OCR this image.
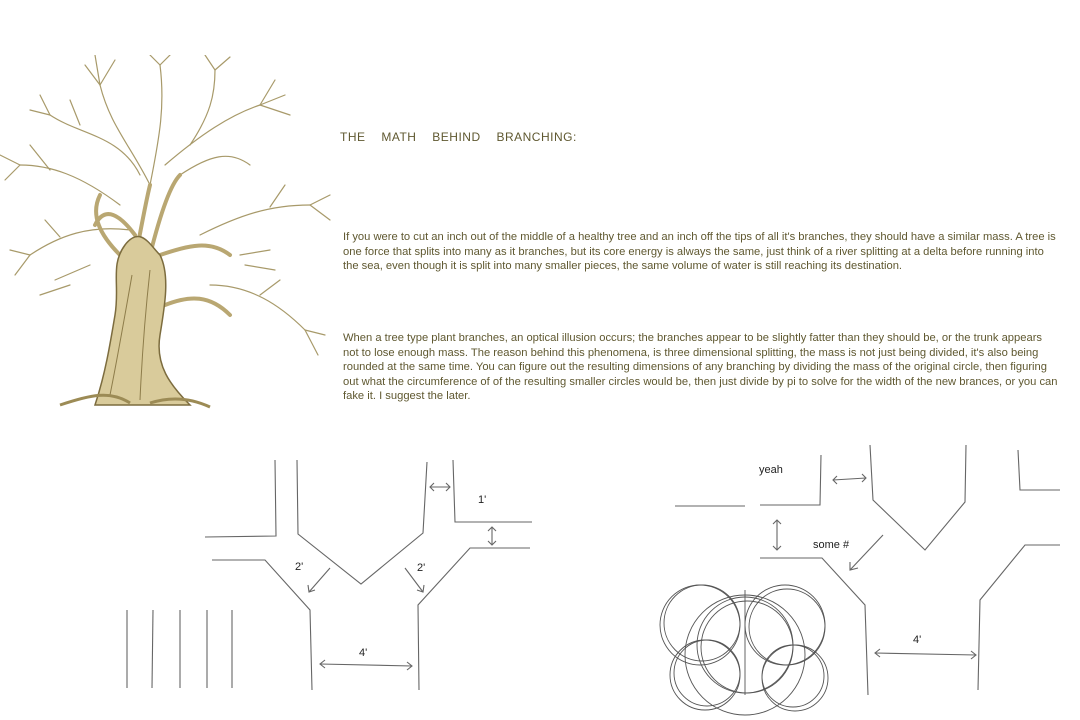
THE MATH BEHIND BRANCHING:
If you were to cut an inch out of the middle of a healthy tree and an inch off the tips of all it's branches, they should have a similar mass. A tree is one force that splits into many as it branches, but its core energy is always the same, just think of a river splitting at a delta before running into the sea, even though it is split into many smaller pieces, the same volume of water is still reaching its destination.
When a tree type plant branches, an optical illusion occurs; the branches appear to be slightly fatter than they should be, or the trunk appears not to lose enough mass. The reason behind this phenomena, is three dimensional splitting, the mass is not just being divided, it's also being rounded at the same time. You can figure out the resulting dimensions of any branching by dividing the mass of the original circle, then figuring out what the circumference of of the resulting smaller circles would be, then just divide by pi to solve for the width of the new brances, or you can fake it. I suggest the later.
1'
2'	2'
4'
yeah
some #
4'
